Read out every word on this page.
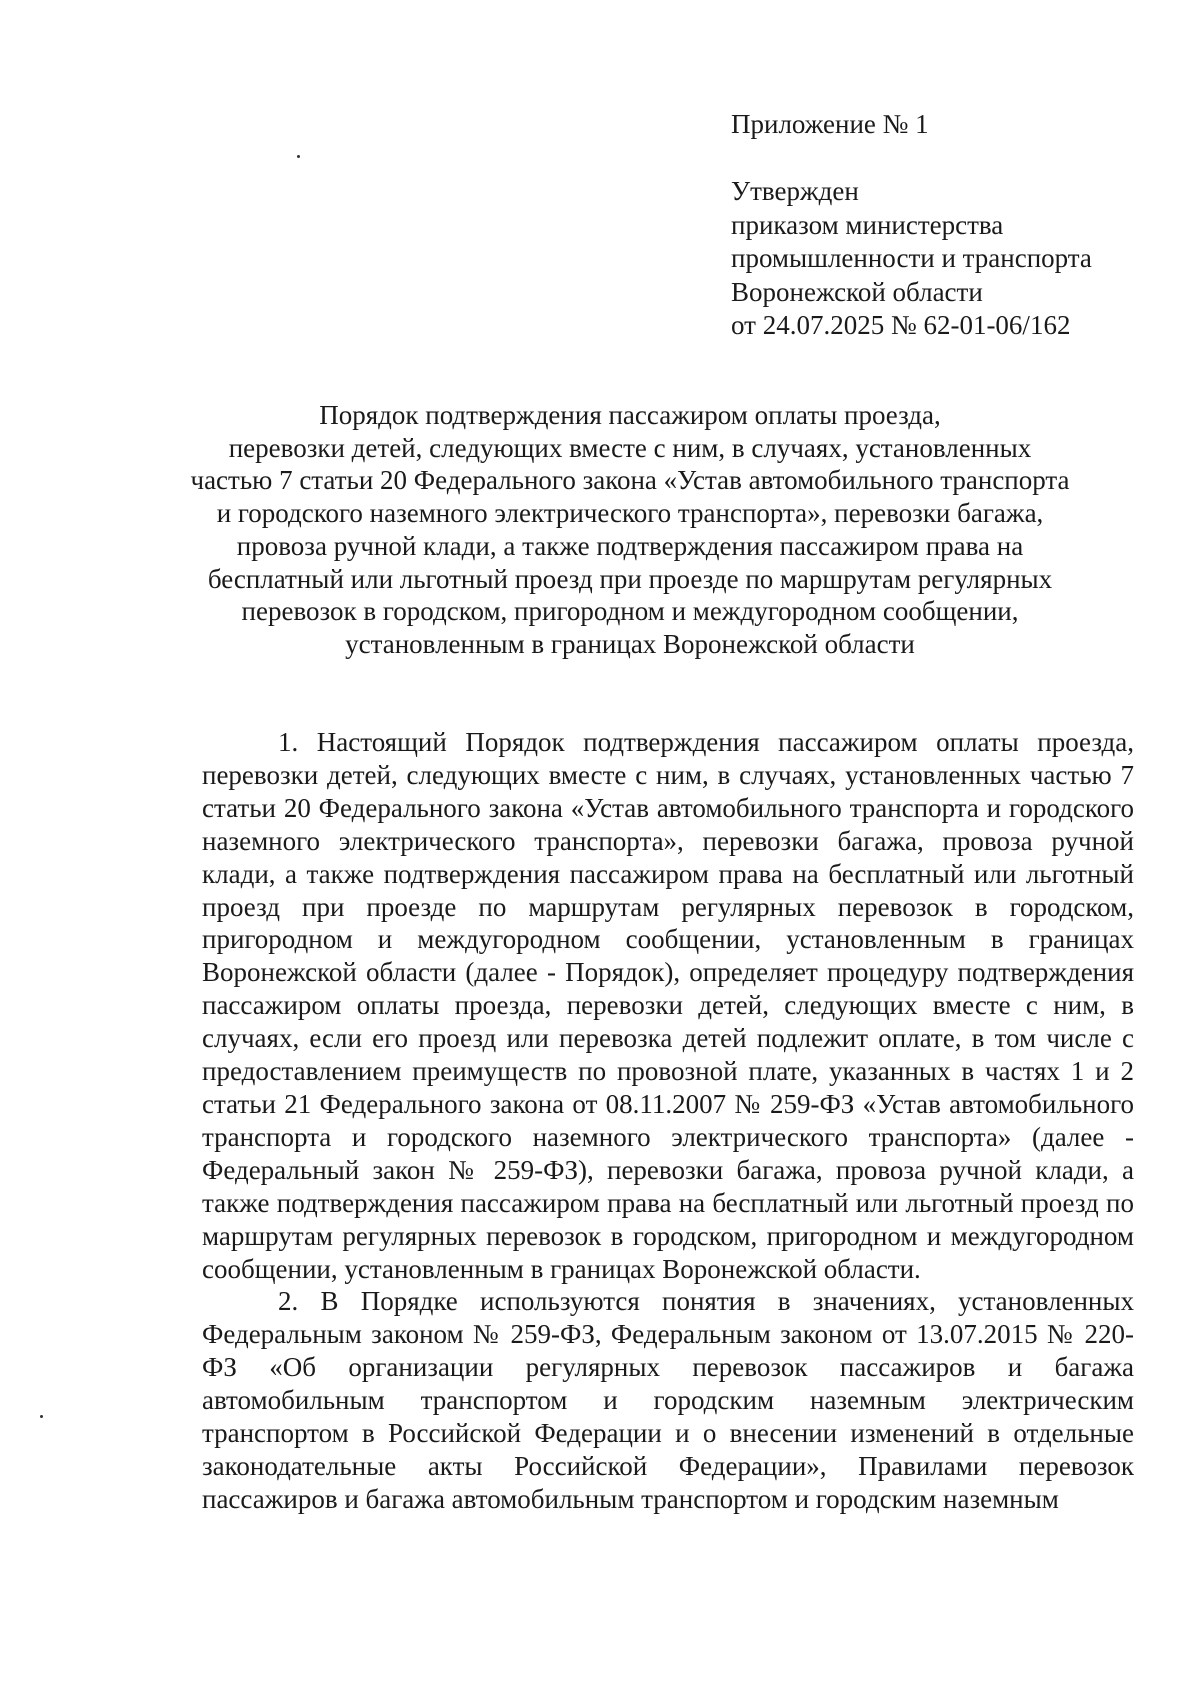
Приложение № 1
Утвержден
приказом министерства
промышленности и транспорта
Воронежской области
от 24.07.2025 № 62-01-06/162
Порядок подтверждения пассажиром оплаты проезда,
перевозки детей, следующих вместе с ним, в случаях, установленных
частью 7 статьи 20 Федерального закона «Устав автомобильного транспорта
и городского наземного электрического транспорта», перевозки багажа,
провоза ручной клади, а также подтверждения пассажиром права на
бесплатный или льготный проезд при проезде по маршрутам регулярных
перевозок в городском, пригородном и междугородном сообщении,
установленным в границах Воронежской области

1. Настоящий Порядок подтверждения пассажиром оплаты проезда, перевозки детей, следующих вместе с ним, в случаях, установленных частью 7 статьи 20 Федерального закона «Устав автомобильного транспорта и городского наземного электрического транспорта», перевозки багажа, провоза ручной клади, а также подтверждения пассажиром права на бесплатный или льготный проезд при проезде по маршрутам регулярных перевозок в городском, пригородном и междугородном сообщении, установленным в границах Воронежской области (далее - Порядок), определяет процедуру подтверждения пассажиром оплаты проезда, перевозки детей, следующих вместе с ним, в случаях, если его проезд или перевозка детей подлежит оплате, в том числе с предоставлением преимуществ по провозной плате, указанных в частях 1 и 2 статьи 21 Федерального закона от 08.11.2007 № 259-ФЗ «Устав автомобильного транспорта и городского наземного электрического транспорта» (далее - Федеральный закон № 259-ФЗ), перевозки багажа, провоза ручной клади, а также подтверждения пассажиром права на бесплатный или льготный проезд по маршрутам регулярных перевозок в городском, пригородном и междугородном сообщении, установленным в границах Воронежской области.

2. В Порядке используются понятия в значениях, установленных Федеральным законом № 259-ФЗ, Федеральным законом от 13.07.2015 № 220-ФЗ «Об организации регулярных перевозок пассажиров и багажа автомобильным транспортом и городским наземным электрическим транспортом в Российской Федерации и о внесении изменений в отдельные законодательные акты Российской Федерации», Правилами перевозок пассажиров и багажа автомобильным транспортом и городским наземным
